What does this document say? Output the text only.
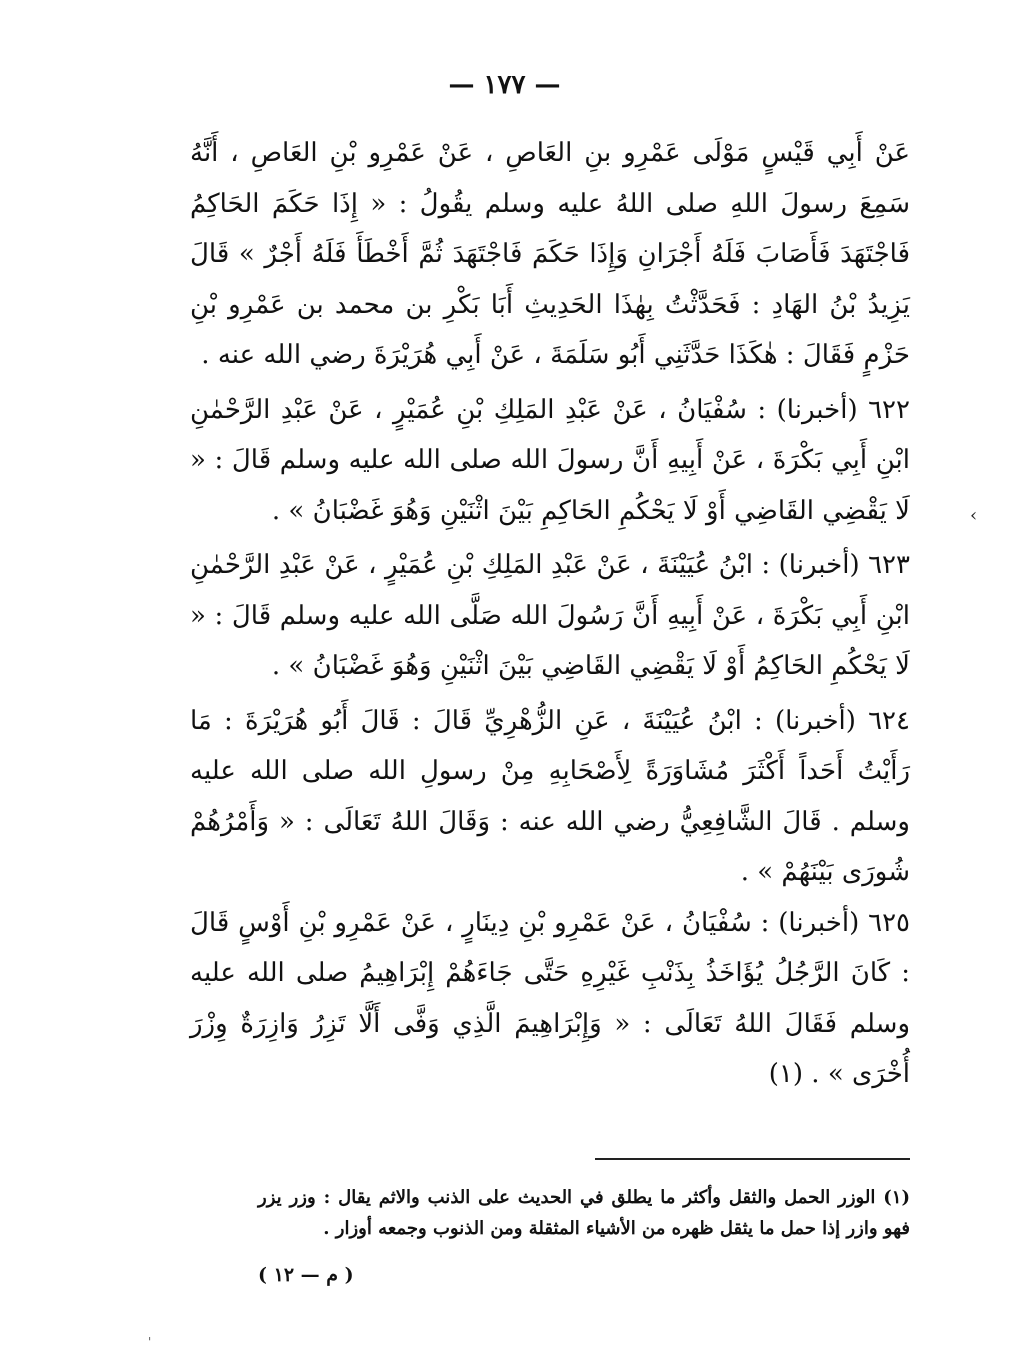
— ١٧٧ —

عَنْ أَبِي قَيْسٍ مَوْلَى عَمْرِو بنِ العَاصِ ، عَنْ عَمْرِو بْنِ العَاصِ ، أَنَّهُ سَمِعَ رسولَ اللهِ صلى اللهُ عليه وسلم يقُولُ : « إِذَا حَكَمَ الحَاكِمُ فَاجْتَهَدَ فَأَصَابَ فَلَهُ أَجْرَانِ وَإِذَا حَكَمَ فَاجْتَهَدَ ثُمَّ أَخْطَأَ فَلَهُ أَجْرٌ » قَالَ يَزِيدُ بْنُ الهَادِ : فَحَدَّثْتُ بِهٰذَا الحَدِيثِ أَبَا بَكْرِ بن محمد بن عَمْرِو بْنِ حَزْمٍ فَقَالَ : هٰكَذَا حَدَّثَنِي أَبُو سَلَمَةَ ، عَنْ أَبِي هُرَيْرَةَ رضي الله عنه .

٦٢٢ (أخبرنا) : سُفْيَانُ ، عَنْ عَبْدِ المَلِكِ بْنِ عُمَيْرٍ ، عَنْ عَبْدِ الرَّحْمٰنِ ابْنِ أَبِي بَكْرَةَ ، عَنْ أَبِيهِ أَنَّ رسولَ الله صلى الله عليه وسلم قَالَ : « لَا يَقْضِي القَاضِي أَوْ لَا يَحْكُمِ الحَاكِمِ بَيْنَ اثْنَيْنِ وَهُوَ غَضْبَانُ » .

٦٢٣ (أخبرنا) : ابْنُ عُيَيْنَةَ ، عَنْ عَبْدِ المَلِكِ بْنِ عُمَيْرٍ ، عَنْ عَبْدِ الرَّحْمٰنِ ابْنِ أَبِي بَكْرَةَ ، عَنْ أَبِيهِ أَنَّ رَسُولَ الله صَلَّى الله عليه وسلم قَالَ : « لَا يَحْكُمِ الحَاكِمُ أَوْ لَا يَقْضِي القَاضِي بَيْنَ اثْنَيْنِ وَهُوَ غَضْبَانُ » .

٦٢٤ (أخبرنا) : ابْنُ عُيَيْنَةَ ، عَنِ الزُّهْرِيِّ قَالَ : قَالَ أَبُو هُرَيْرَةَ : مَا رَأَيْتُ أَحَداً أَكْثَرَ مُشَاوَرَةً لِأَصْحَابِهِ مِنْ رسولِ الله صلى الله عليه وسلم . قَالَ الشَّافِعِيُّ رضي الله عنه : وَقَالَ اللهُ تَعَالَى : « وَأَمْرُهُمْ شُورَى بَيْنَهُمْ » .

٦٢٥ (أخبرنا) : سُفْيَانُ ، عَنْ عَمْرِو بْنِ دِينَارٍ ، عَنْ عَمْرِو بْنِ أَوْسٍ قَالَ : كَانَ الرَّجُلُ يُؤَاخَذُ بِذَنْبِ غَيْرِهِ حَتَّى جَاءَهُمْ إِبْرَاهِيمُ صلى الله عليه وسلم فَقَالَ اللهُ تَعَالَى : « وَإِبْرَاهِيمَ الَّذِي وَفَّى أَلَّا تَزِرُ وَازِرَةٌ وِزْرَ أُخْرَى » . (١)

‹
(١) الوزر الحمل والثقل وأكثر ما يطلق في الحديث على الذنب والاثم يقال : وزر يزر فهو وازر إذا حمل ما يثقل ظهره من الأشياء المثقلة ومن الذنوب وجمعه أوزار .
( م — ١٢ )
'
